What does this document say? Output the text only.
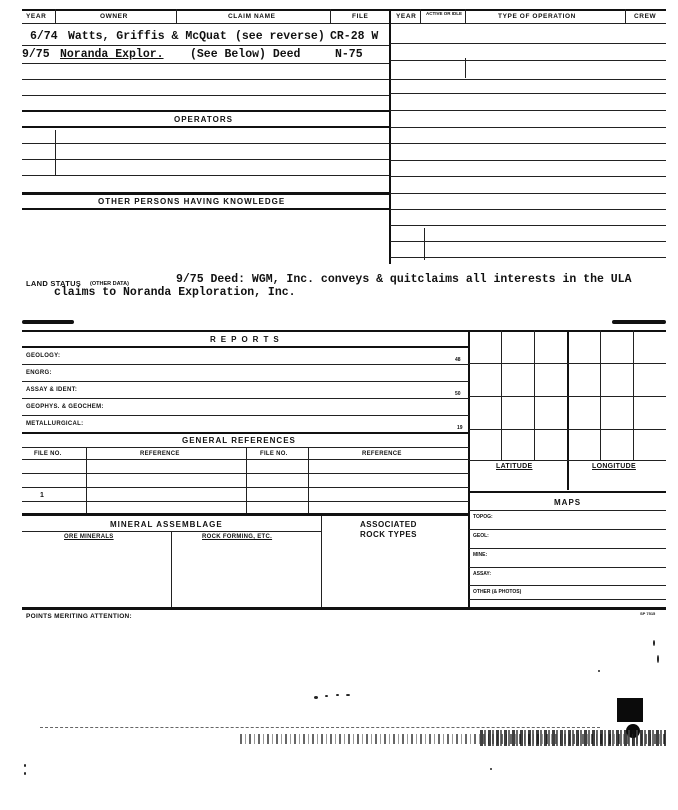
YEAR	OWNER	CLAIM NAME	FILE	YEAR	ACTIVE OR IDLE	TYPE OF OPERATION	CREW
6/74 Watts, Griffis & McQuat (see reverse) CR-28 W
9/75 Noranda Explor. (See Below) Deed	N-75
OPERATORS
OTHER PERSONS HAVING KNOWLEDGE
LAND STATUS (OTHER DATA)	9/75 Deed: WGM, Inc. conveys & quitclaims all interests in the ULA
claims to Noranda Exploration, Inc.
REPORTS
GEOLOGY:
48
ENGRG:
ASSAY & IDENT:
50
GEOPHYS. & GEOCHEM:
METALLURGICAL:
19
GENERAL REFERENCES
FILE NO.	REFERENCE	FILE NO.	REFERENCE
1
LATITUDE	LONGITUDE
MAPS
TOPOG:
GEOL:
MINE:
ASSAY:
OTHER (& PHOTOS)
MINERAL ASSEMBLAGE	ASSOCIATED
ROCK TYPES
ORE MINERALS	ROCK FORMING, ETC.
POINTS MERITING ATTENTION:	SP 7515
